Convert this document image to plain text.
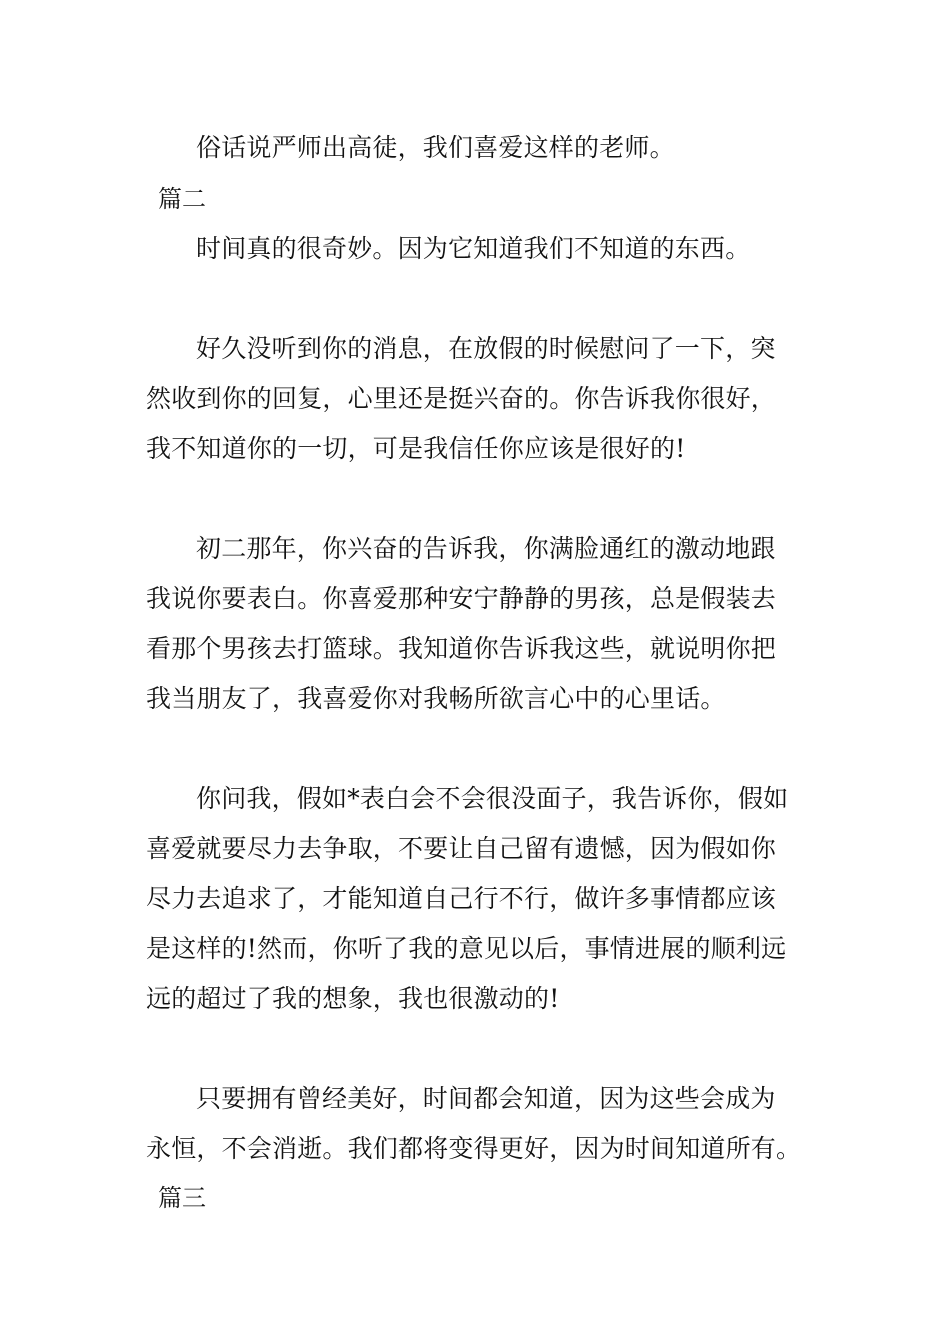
俗话说严师出高徒，我们喜爱这样的老师。
篇二
时间真的很奇妙。因为它知道我们不知道的东西。
好久没听到你的消息，在放假的时候慰问了一下，突
然收到你的回复，心里还是挺兴奋的。你告诉我你很好，
我不知道你的一切，可是我信任你应该是很好的!
初二那年，你兴奋的告诉我，你满脸通红的激动地跟
我说你要表白。你喜爱那种安宁静静的男孩，总是假装去
看那个男孩去打篮球。我知道你告诉我这些，就说明你把
我当朋友了，我喜爱你对我畅所欲言心中的心里话。
你问我，假如*表白会不会很没面子，我告诉你，假如
喜爱就要尽力去争取，不要让自己留有遗憾，因为假如你
尽力去追求了，才能知道自己行不行，做许多事情都应该
是这样的!然而，你听了我的意见以后，事情进展的顺利远
远的超过了我的想象，我也很激动的!
只要拥有曾经美好，时间都会知道，因为这些会成为
永恒，不会消逝。我们都将变得更好，因为时间知道所有。
篇三
